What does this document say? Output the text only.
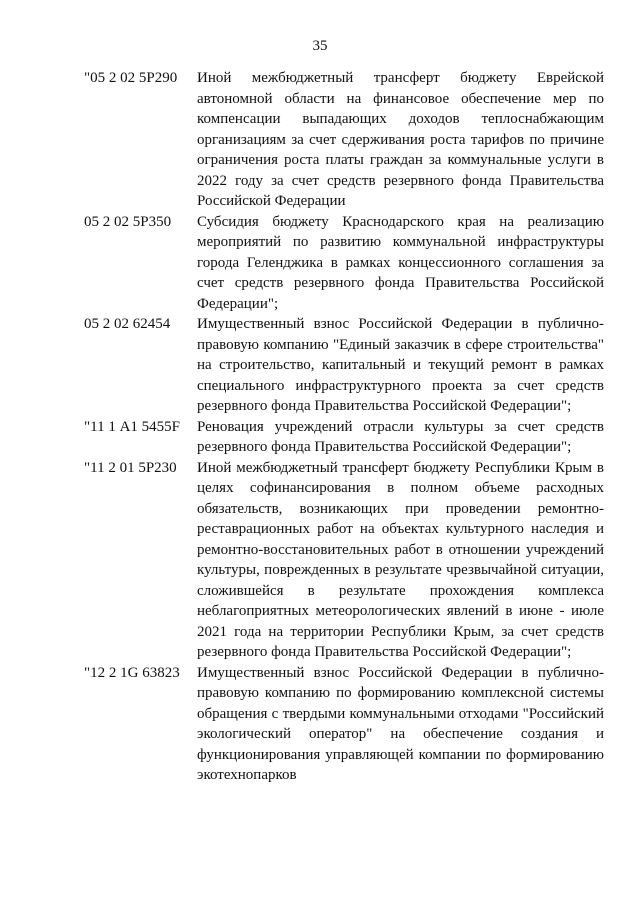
35
"05 2 02 5Р290	Иной межбюджетный трансферт бюджету Еврейской автономной области на финансовое обеспечение мер по компенсации выпадающих доходов теплоснабжающим организациям за счет сдерживания роста тарифов по причине ограничения роста платы граждан за коммунальные услуги в 2022 году за счет средств резервного фонда Правительства Российской Федерации
05 2 02 5Р350	Субсидия бюджету Краснодарского края на реализацию мероприятий по развитию коммунальной инфраструктуры города Геленджика в рамках концессионного соглашения за счет средств резервного фонда Правительства Российской Федерации";
05 2 02 62454	Имущественный взнос Российской Федерации в публично-правовую компанию "Единый заказчик в сфере строительства" на строительство, капитальный и текущий ремонт в рамках специального инфраструктурного проекта за счет средств резервного фонда Правительства Российской Федерации";
"11 1 А1 5455F	Реновация учреждений отрасли культуры за счет средств резервного фонда Правительства Российской Федерации";
"11 2 01 5Р230	Иной межбюджетный трансферт бюджету Республики Крым в целях софинансирования в полном объеме расходных обязательств, возникающих при проведении ремонтно-реставрационных работ на объектах культурного наследия и ремонтно-восстановительных работ в отношении учреждений культуры, поврежденных в результате чрезвычайной ситуации, сложившейся в результате прохождения комплекса неблагоприятных метеорологических явлений в июне - июле 2021 года на территории Республики Крым, за счет средств резервного фонда Правительства Российской Федерации";
"12 2 1G 63823	Имущественный взнос Российской Федерации в публично-правовую компанию по формированию комплексной системы обращения с твердыми коммунальными отходами "Российский экологический оператор" на обеспечение создания и функционирования управляющей компании по формированию экотехнопарков
